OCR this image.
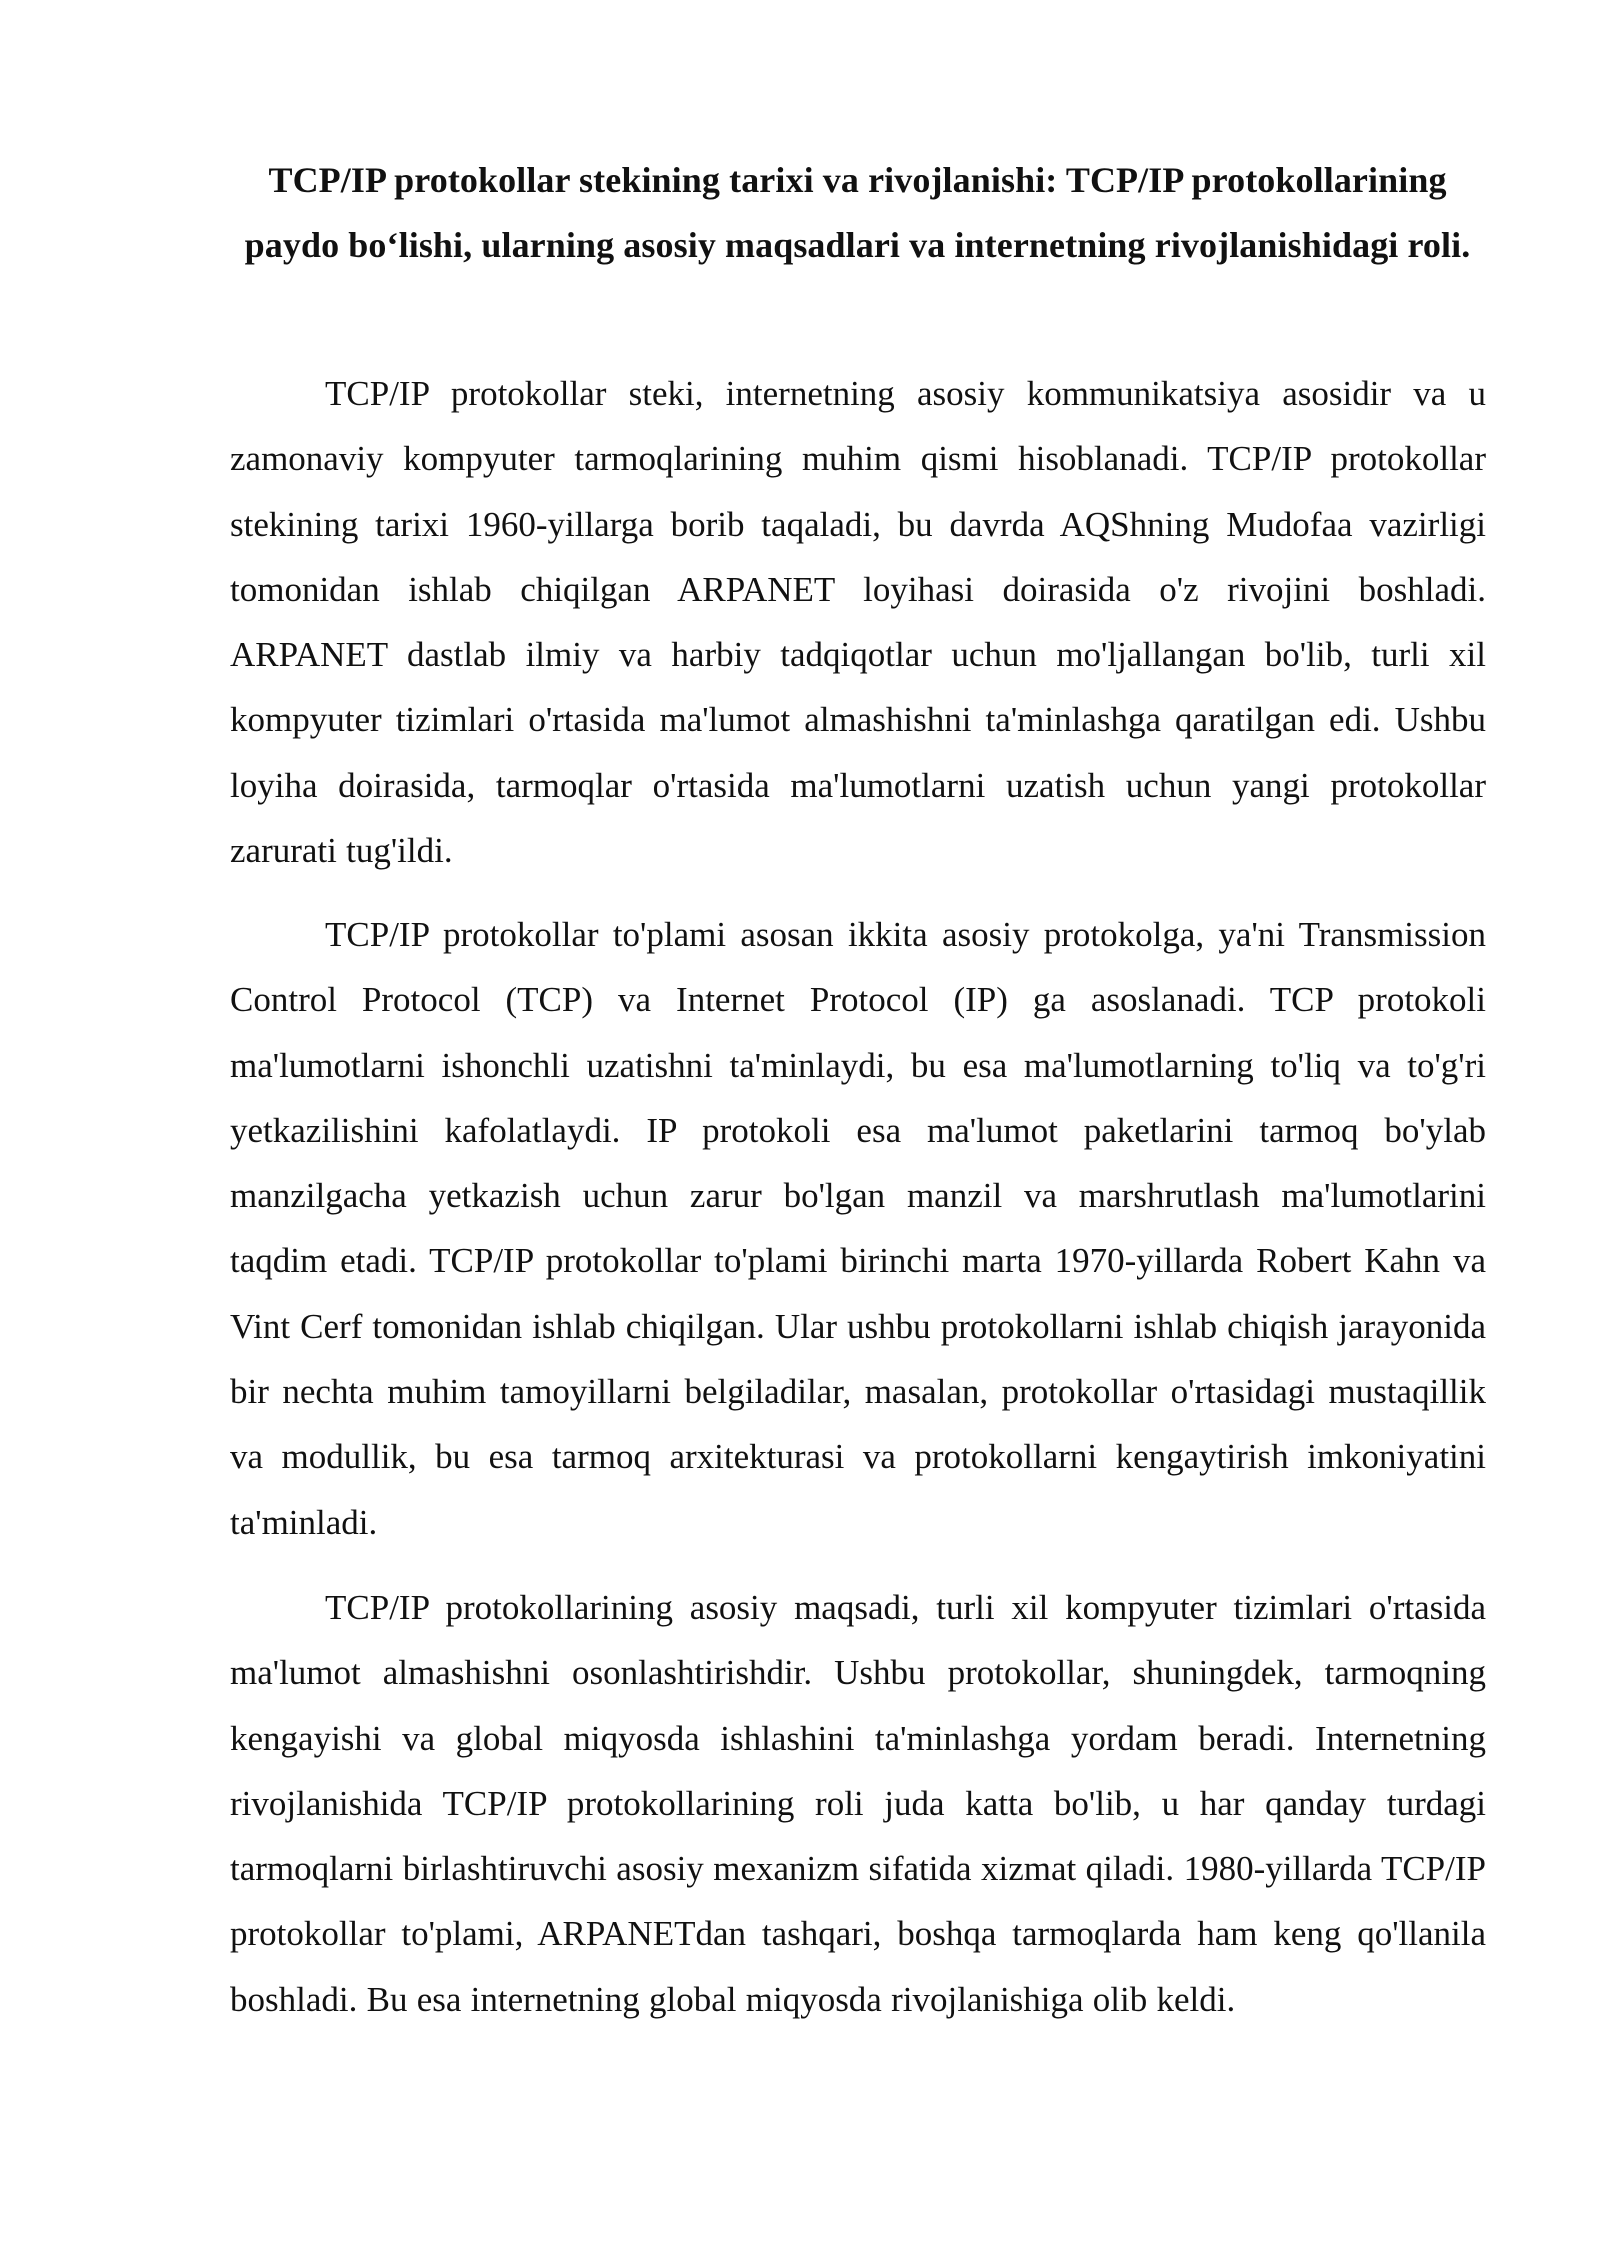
TCP/IP protokollar stekining tarixi va rivojlanishi: TCP/IP protokollarining paydo bo‘lishi, ularning asosiy maqsadlari va internetning rivojlanishidagi roli.

TCP/IP protokollar steki, internetning asosiy kommunikatsiya asosidir va u zamonaviy kompyuter tarmoqlarining muhim qismi hisoblanadi. TCP/IP protokollar stekining tarixi 1960-yillarga borib taqaladi, bu davrda AQShning Mudofaa vazirligi tomonidan ishlab chiqilgan ARPANET loyihasi doirasida o'z rivojini boshladi. ARPANET dastlab ilmiy va harbiy tadqiqotlar uchun mo'ljallangan bo'lib, turli xil kompyuter tizimlari o'rtasida ma'lumot almashishni ta'minlashga qaratilgan edi. Ushbu loyiha doirasida, tarmoqlar o'rtasida ma'lumotlarni uzatish uchun yangi protokollar zarurati tug'ildi.

TCP/IP protokollar to'plami asosan ikkita asosiy protokolga, ya'ni Transmission Control Protocol (TCP) va Internet Protocol (IP) ga asoslanadi. TCP protokoli ma'lumotlarni ishonchli uzatishni ta'minlaydi, bu esa ma'lumotlarning to'liq va to'g'ri yetkazilishini kafolatlaydi. IP protokoli esa ma'lumot paketlarini tarmoq bo'ylab manzilgacha yetkazish uchun zarur bo'lgan manzil va marshrutlash ma'lumotlarini taqdim etadi. TCP/IP protokollar to'plami birinchi marta 1970-yillarda Robert Kahn va Vint Cerf tomonidan ishlab chiqilgan. Ular ushbu protokollarni ishlab chiqish jarayonida bir nechta muhim tamoyillarni belgiladilar, masalan, protokollar o'rtasidagi mustaqillik va modullik, bu esa tarmoq arxitekturasi va protokollarni kengaytirish imkoniyatini ta'minladi.

TCP/IP protokollarining asosiy maqsadi, turli xil kompyuter tizimlari o'rtasida ma'lumot almashishni osonlashtirishdir. Ushbu protokollar, shuningdek, tarmoqning kengayishi va global miqyosda ishlashini ta'minlashga yordam beradi. Internetning rivojlanishida TCP/IP protokollarining roli juda katta bo'lib, u har qanday turdagi tarmoqlarni birlashtiruvchi asosiy mexanizm sifatida xizmat qiladi. 1980-yillarda TCP/IP protokollar to'plami, ARPANETdan tashqari, boshqa tarmoqlarda ham keng qo'llanila boshladi. Bu esa internetning global miqyosda rivojlanishiga olib keldi.
